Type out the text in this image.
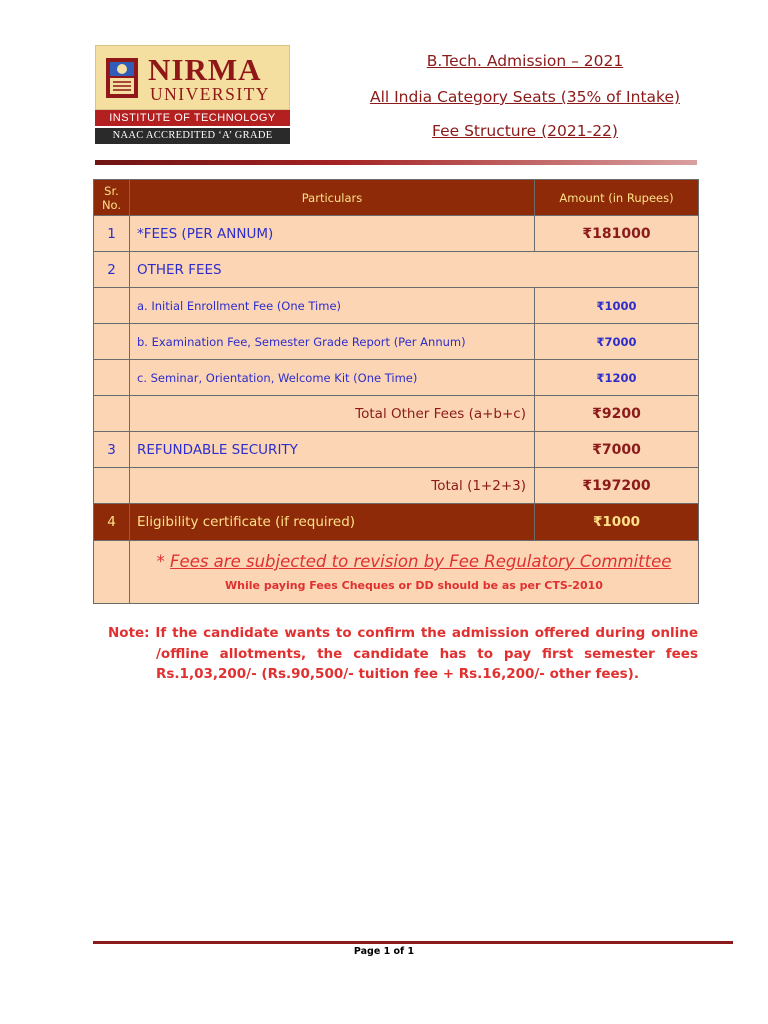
NIRMA
UNIVERSITY
INSTITUTE OF TECHNOLOGY
NAAC ACCREDITED ‘A’ GRADE
B.Tech. Admission – 2021
All India Category Seats (35% of Intake)
Fee Structure (2021-22)
Sr. No.	Particulars	Amount (in Rupees)
1	*FEES (PER ANNUM)	₹181000
2	OTHER FEES	
	a. Initial Enrollment Fee (One Time)	₹1000
	b. Examination Fee, Semester Grade Report (Per Annum)	₹7000
	c. Seminar, Orientation, Welcome Kit (One Time)	₹1200
	Total Other Fees (a+b+c)	₹9200
3	REFUNDABLE SECURITY	₹7000
	Total (1+2+3)	₹197200
4	Eligibility certificate (if required)	₹1000

	* Fees are subjected to revision by Fee Regulatory Committee
While paying Fees Cheques or DD should be as per CTS-2010	
Note: If the candidate wants to confirm the admission offered during online
/offline allotments, the candidate has to pay first semester fees
Rs.1,03,200/- (Rs.90,500/- tuition fee + Rs.16,200/- other fees).
Page 1 of 1
